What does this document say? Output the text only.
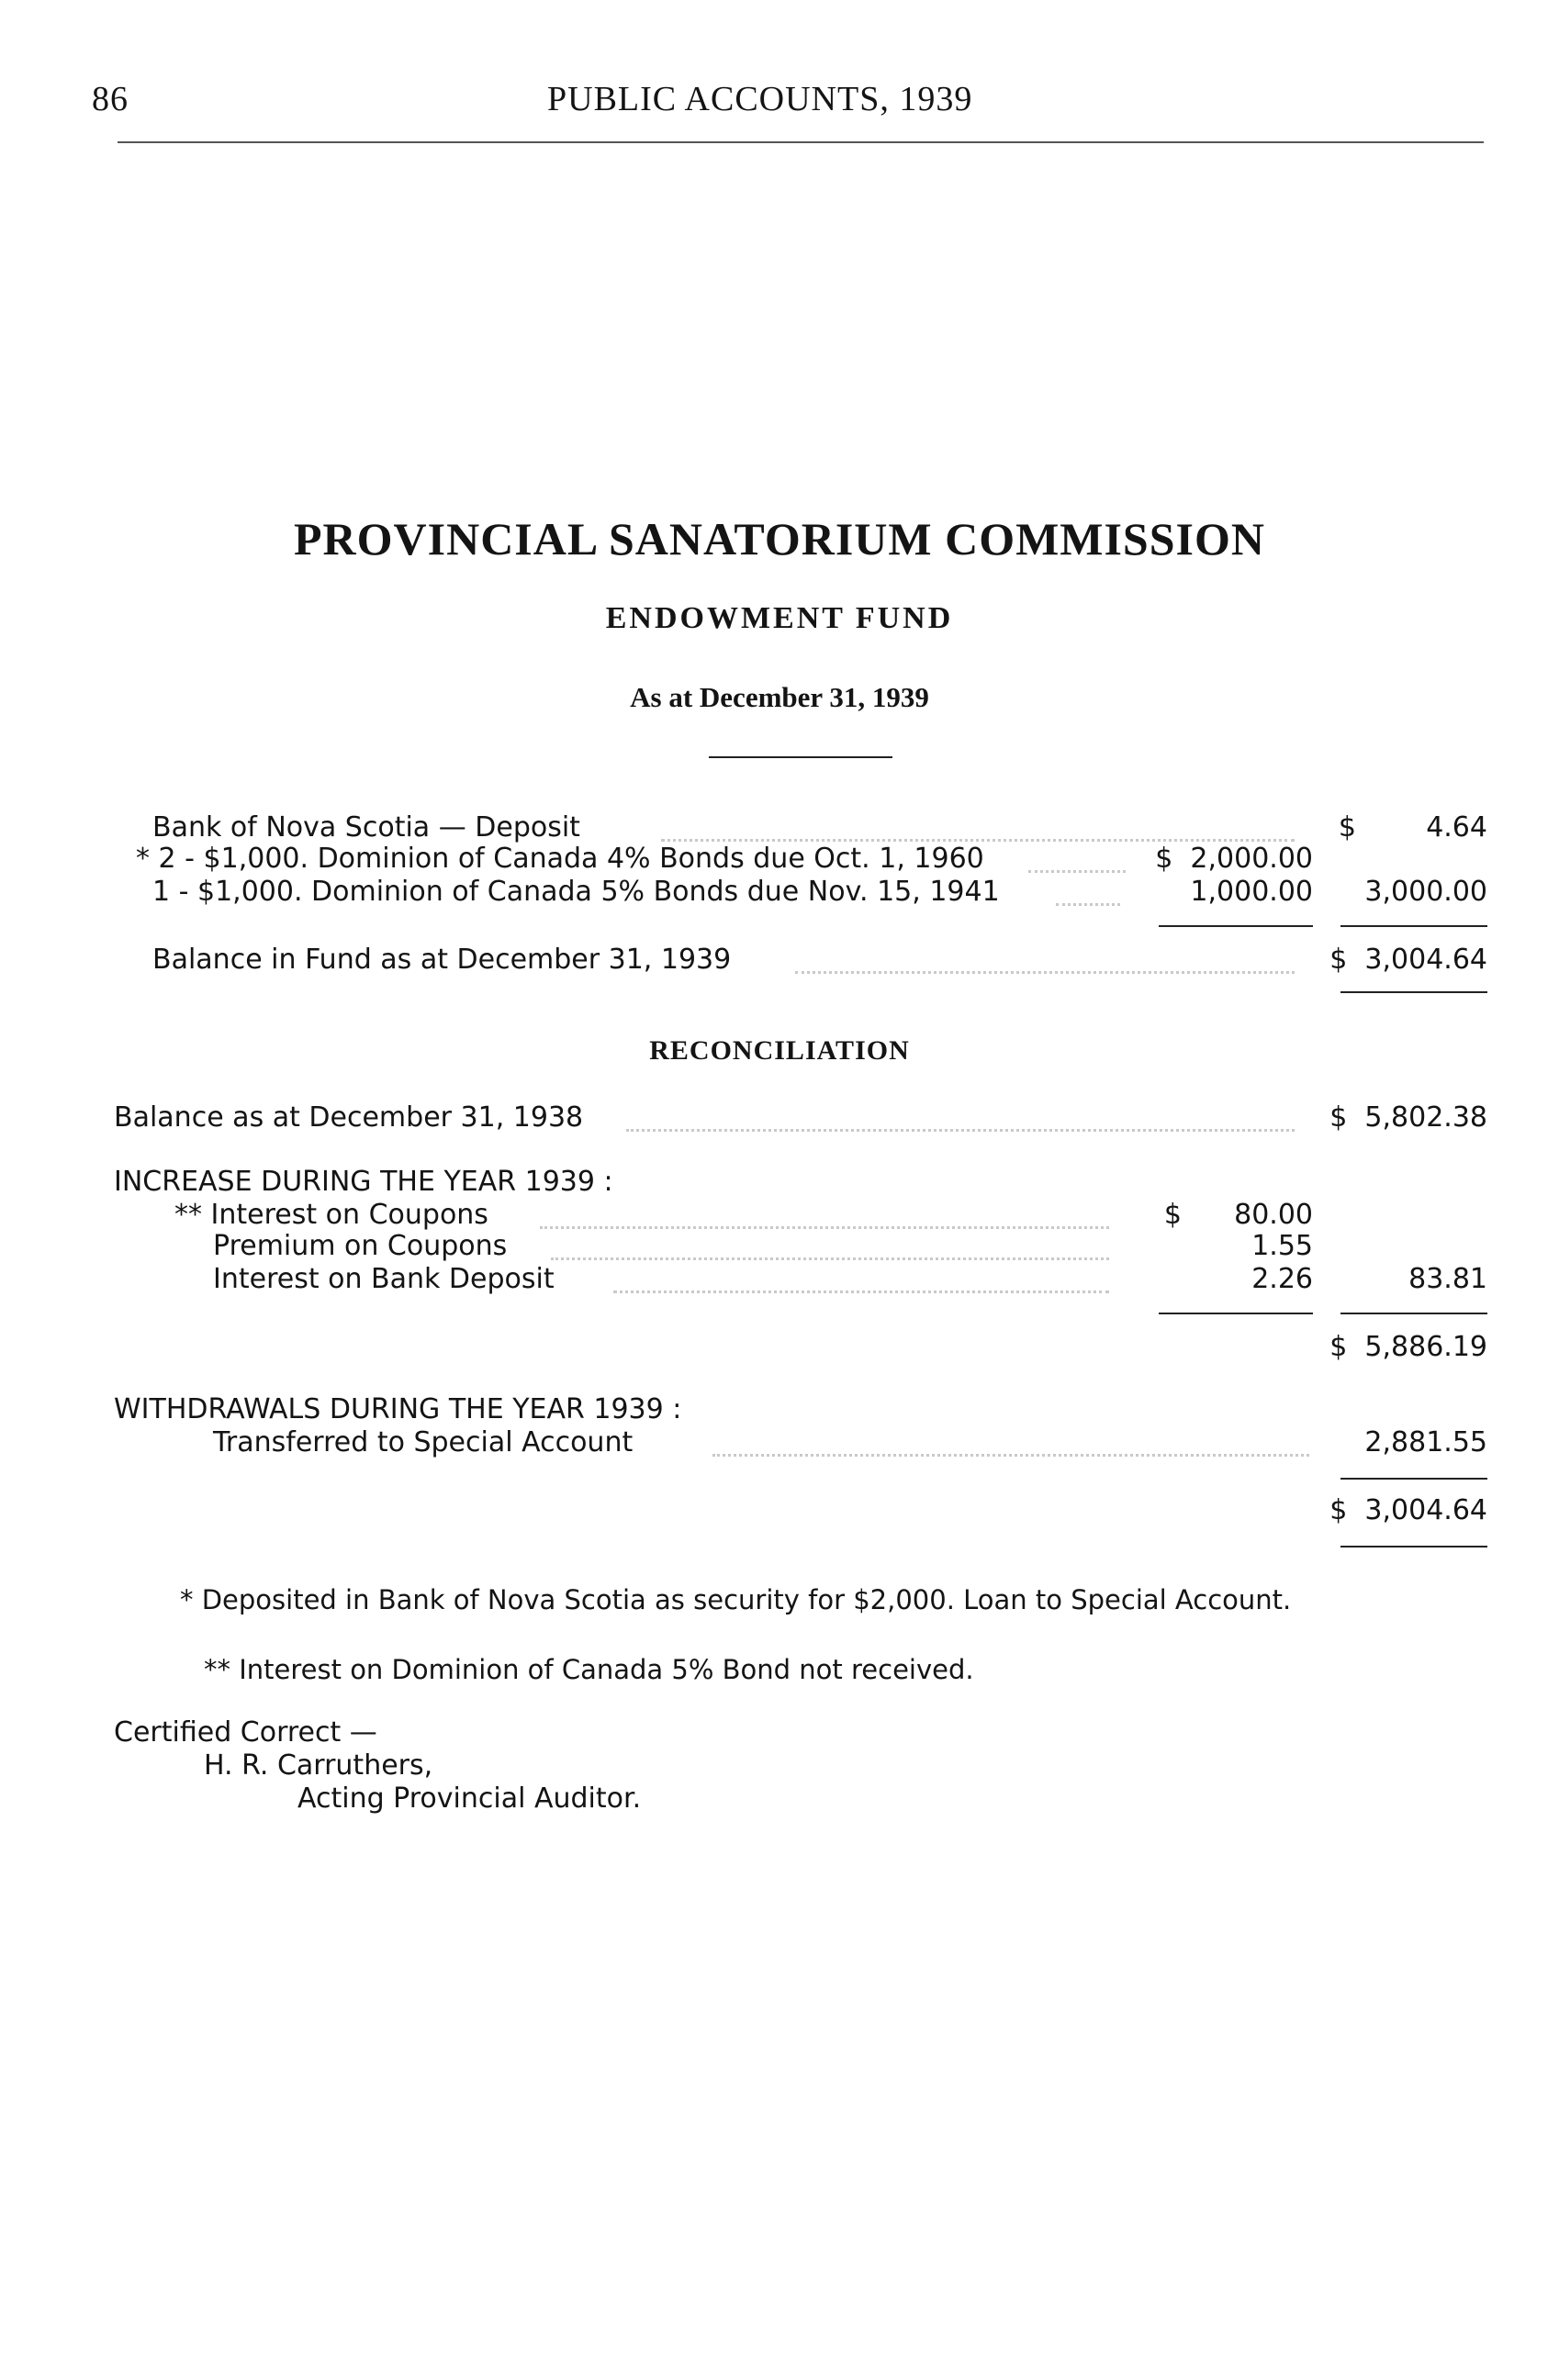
86	PUBLIC ACCOUNTS, 1939
PROVINCIAL SANATORIUM COMMISSION
ENDOWMENT FUND
As at December 31, 1939
Bank of Nova Scotia — Deposit	$        4.64
* 2 - $1,000. Dominion of Canada 4% Bonds due Oct. 1, 1960	$  2,000.00
1 - $1,000. Dominion of Canada 5% Bonds due Nov. 15, 1941	1,000.00	3,000.00
Balance in Fund as at December 31, 1939	$  3,004.64
RECONCILIATION
Balance as at December 31, 1938	$  5,802.38
INCREASE DURING THE YEAR 1939 :
** Interest on Coupons	$      80.00
Premium on Coupons	1.55
Interest on Bank Deposit	2.26	83.81
$  5,886.19
WITHDRAWALS DURING THE YEAR 1939 :
Transferred to Special Account	2,881.55
$  3,004.64
* Deposited in Bank of Nova Scotia as security for $2,000. Loan to Special Account.
** Interest on Dominion of Canada 5% Bond not received.
Certified Correct —
H. R. Carruthers,
Acting Provincial Auditor.
